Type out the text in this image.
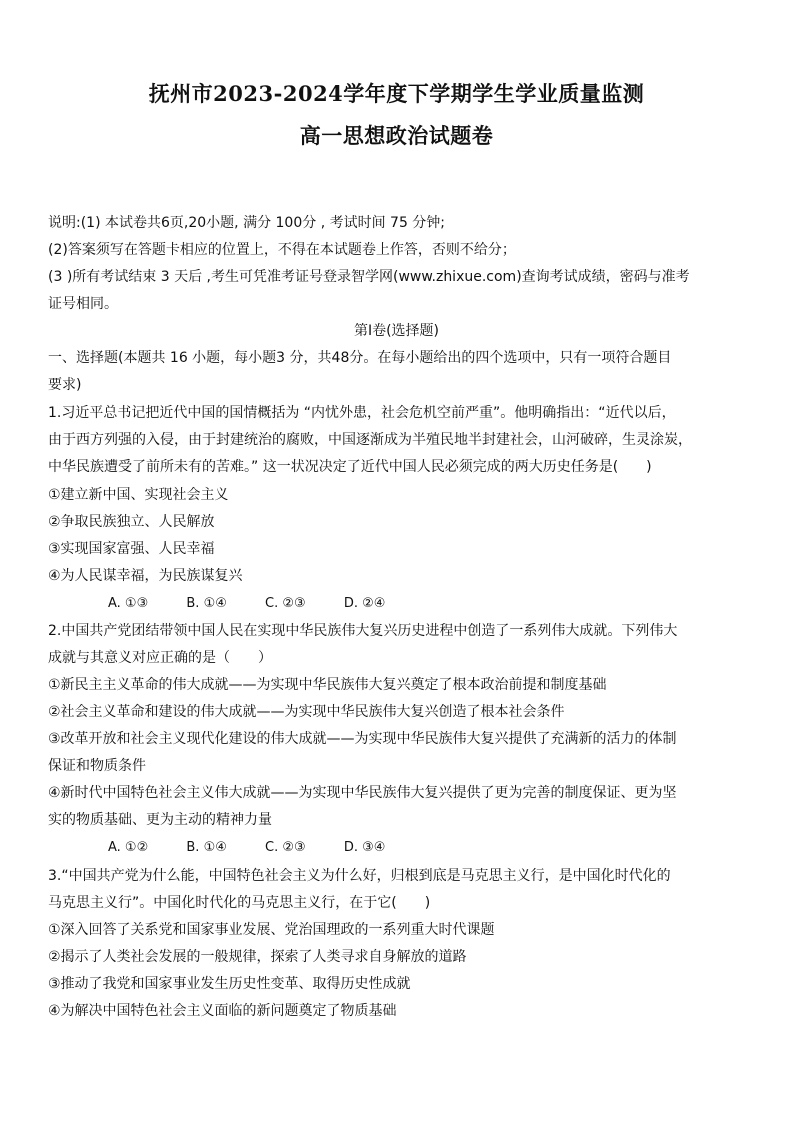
抚州市2023-2024学年度下学期学生学业质量监测
高一思想政治试题卷
说明:(1) 本试卷共6页,20小题, 满分 100分 , 考试时间 75 分钟;
(2)答案须写在答题卡相应的位置上，不得在本试题卷上作答，否则不给分；
(3 )所有考试结束 3 天后 ,考生可凭准考证号登录智学网(www.zhixue.com)查询考试成绩，密码与准考
证号相同。
第Ⅰ卷(选择题)
一、选择题(本题共 16 小题，每小题3 分，共48分。在每小题给出的四个选项中，只有一项符合题目
要求)
1.习近平总书记把近代中国的国情概括为 “内忧外患，社会危机空前严重”。他明确指出：“近代以后，
由于西方列强的入侵，由于封建统治的腐败，中国逐渐成为半殖民地半封建社会，山河破碎，生灵涂炭，
中华民族遭受了前所未有的苦难。” 这一状况决定了近代中国人民必须完成的两大历史任务是(　　)
①建立新中国、实现社会主义
②争取民族独立、人民解放
③实现国家富强、人民幸福
④为人民谋幸福，为民族谋复兴
A. ①③	B. ①④	C. ②③	D. ②④
2.中国共产党团结带领中国人民在实现中华民族伟大复兴历史进程中创造了一系列伟大成就。下列伟大
成就与其意义对应正确的是（　　）
①新民主主义革命的伟大成就——为实现中华民族伟大复兴奠定了根本政治前提和制度基础
②社会主义革命和建设的伟大成就——为实现中华民族伟大复兴创造了根本社会条件
③改革开放和社会主义现代化建设的伟大成就——为实现中华民族伟大复兴提供了充满新的活力的体制
保证和物质条件
④新时代中国特色社会主义伟大成就——为实现中华民族伟大复兴提供了更为完善的制度保证、更为坚
实的物质基础、更为主动的精神力量
A. ①②	B. ①④	C. ②③	D. ③④
3.“中国共产党为什么能，中国特色社会主义为什么好，归根到底是马克思主义行，是中国化时代化的
马克思主义行”。中国化时代化的马克思主义行，在于它(　　)
①深入回答了关系党和国家事业发展、党治国理政的一系列重大时代课题
②揭示了人类社会发展的一般规律，探索了人类寻求自身解放的道路
③推动了我党和国家事业发生历史性变革、取得历史性成就
④为解决中国特色社会主义面临的新问题奠定了物质基础
